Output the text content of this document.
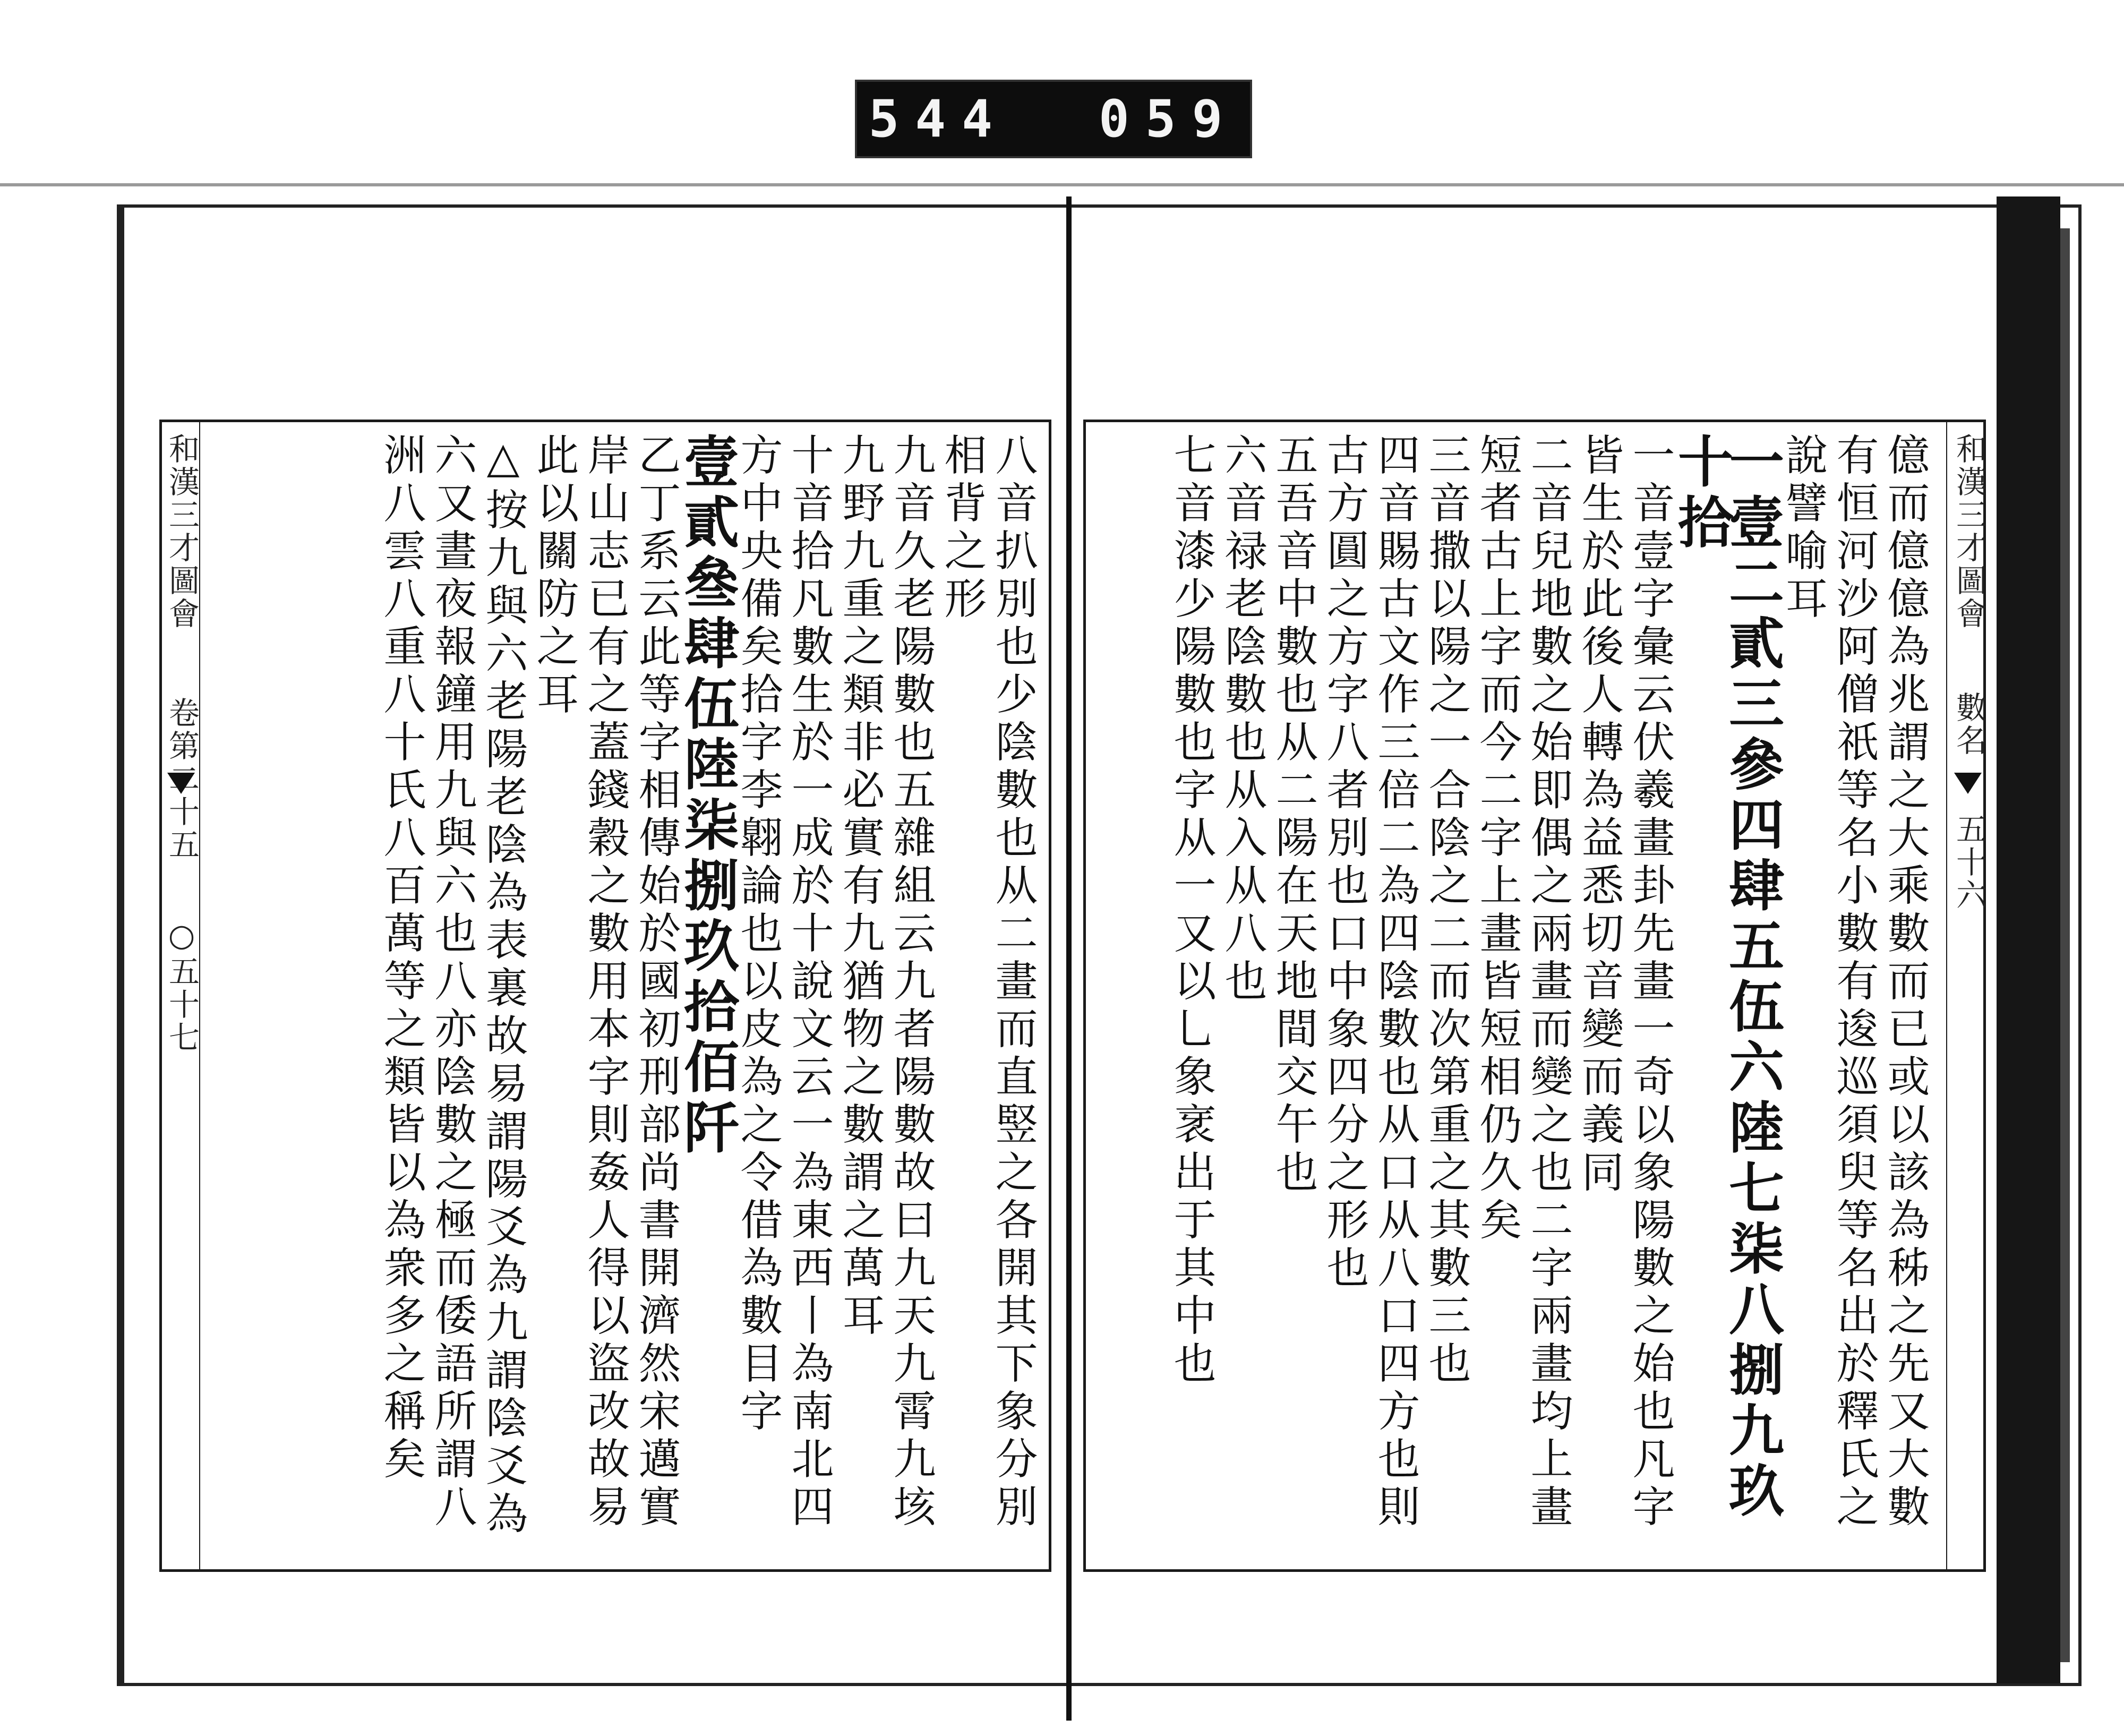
544 059
和漢三才圖會  卷第二十五  ○五十七	八音扒別也少陰數也从二畫而直竪之各開其下象分別相背之形
九音久老陽數也五雜組云九者陽數故曰九天九霄九垓九野九重之類非必實有九猶物之數謂之萬耳
十音拾凡數生於一成於十說文云一為東西丨為南北四方中央備矣拾字李翺論也以皮為之令借為數目字
壹貳叄肆伍陸柒捌玖拾佰阡
乙丁系云此等字相傳始於國初刑部尚書開濟然宋邁實岸山志已有之蓋錢穀之數用本字則姦人得以盜改故易此以關防之耳
△按九與六老陽老陰為表裏故易謂陽爻為九謂陰爻為六又晝夜報鐘用九與六也八亦陰數之極而倭語所謂八洲八雲八重八十氏八百萬等之類皆以為衆多之稱矣	和漢三才圖會  數名  五十六
億而億億為兆謂之大乘數而已或以該為秭之先又大數有恒河沙阿僧祇等名小數有逡巡須臾等名出於釋氏之說譬喻耳
一壹二貳三參四肆五伍六陸七柒八捌九玖十拾
一音壹字彙云伏羲畫卦先畫一奇以象陽數之始也凡字皆生於此後人轉為益悉切音變而義同
二音兒地數之始即偶之兩畫而變之也二字兩畫均上畫短者古上字而今二字上畫皆短相仍久矣
三音撒以陽之一合陰之二而次第重之其數三也
四音賜古文作三倍二為四陰數也从口从八口四方也則古方圓之方字八者別也口中象四分之形也
五吾音中數也从二陽在天地間交午也
六音禄老陰數也从入从八也
七音漆少陽數也字从一又以乚象衺出于其中也
